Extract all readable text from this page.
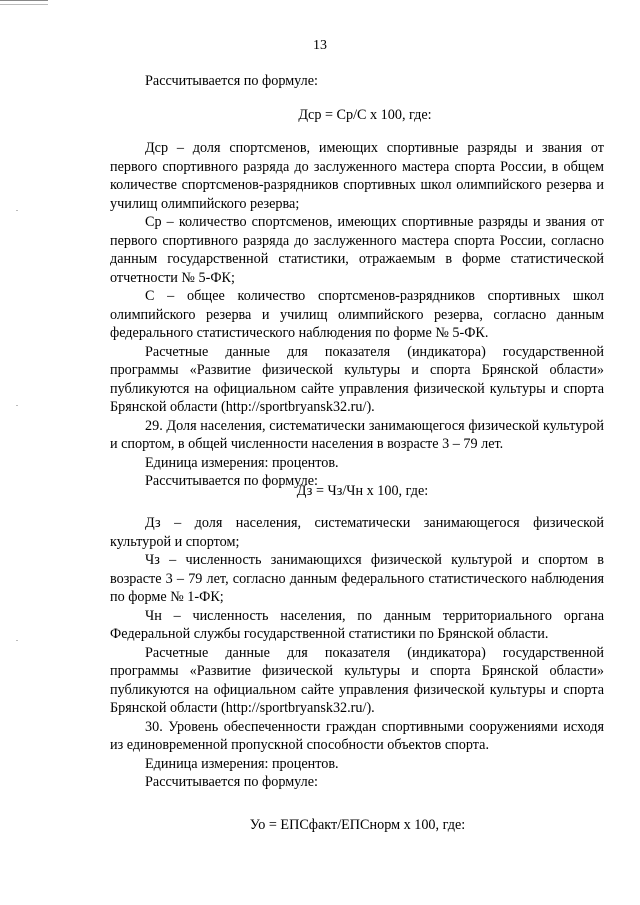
13

Рассчитывается по формуле:

Дср = Ср/С х 100, где:

Дср – доля спортсменов, имеющих спортивные разряды и звания от первого спортивного разряда до заслуженного мастера спорта России, в общем количестве спортсменов-разрядников спортивных школ олимпийского резерва и училищ олимпийского резерва;

Ср – количество спортсменов, имеющих спортивные разряды и звания от первого спортивного разряда до заслуженного мастера спорта России, согласно данным государственной статистики, отражаемым в форме статистической отчетности № 5-ФК;

С – общее количество спортсменов-разрядников спортивных школ олимпийского резерва и училищ олимпийского резерва, согласно данным федерального статистического наблюдения по форме № 5-ФК.

Расчетные данные для показателя (индикатора) государственной программы «Развитие физической культуры и спорта Брянской области» публикуются на официальном сайте управления физической культуры и спорта Брянской области (http://sportbryansk32.ru/).

29. Доля населения, систематически занимающегося физической культурой и спортом, в общей численности населения в возрасте 3 – 79 лет.

Единица измерения: процентов.

Рассчитывается по формуле:

Дз = Чз/Чн х 100, где:

Дз – доля населения, систематически занимающегося физической культурой и спортом;

Чз – численность занимающихся физической культурой и спортом в возрасте 3 – 79 лет, согласно данным федерального статистического наблюдения по форме № 1-ФК;

Чн – численность населения, по данным территориального органа Федеральной службы государственной статистики по Брянской области.

Расчетные данные для показателя (индикатора) государственной программы «Развитие физической культуры и спорта Брянской области» публикуются на официальном сайте управления физической культуры и спорта Брянской области (http://sportbryansk32.ru/).

30. Уровень обеспеченности граждан спортивными сооружениями исходя из единовременной пропускной способности объектов спорта.

Единица измерения: процентов.

Рассчитывается по формуле:

Уо = ЕПСфакт/ЕПСнорм х 100, где:
